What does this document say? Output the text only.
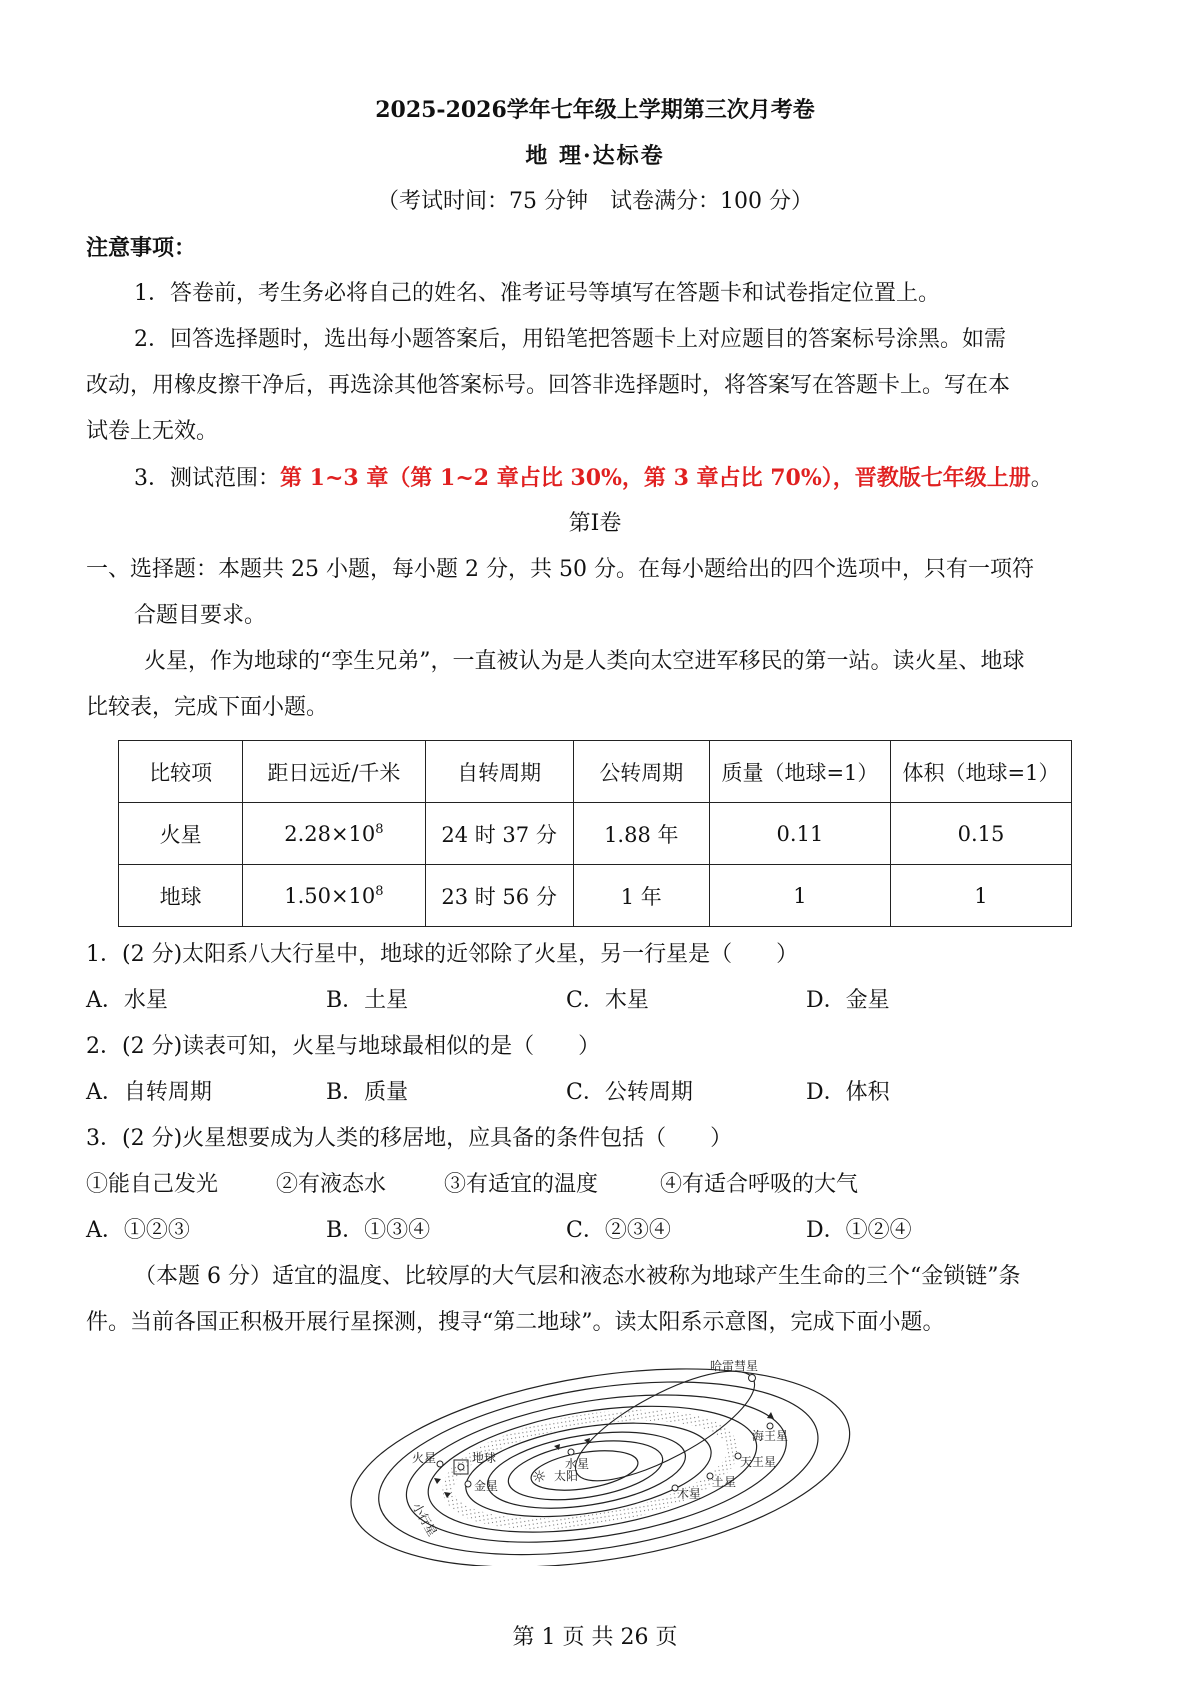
2025-2026学年七年级上学期第三次月考卷
地 理·达标卷
（考试时间：75 分钟　试卷满分：100 分）
注意事项：
1．答卷前，考生务必将自己的姓名、准考证号等填写在答题卡和试卷指定位置上。
2．回答选择题时，选出每小题答案后，用铅笔把答题卡上对应题目的答案标号涂黑。如需
改动，用橡皮擦干净后，再选涂其他答案标号。回答非选择题时，将答案写在答题卡上。写在本
试卷上无效。
3．测试范围：第 1~3 章（第 1~2 章占比 30%，第 3 章占比 70%），晋教版七年级上册。
第Ⅰ卷
一、选择题：本题共 25 小题，每小题 2 分，共 50 分。在每小题给出的四个选项中，只有一项符
合题目要求。
火星，作为地球的“孪生兄弟”，一直被认为是人类向太空进军移民的第一站。读火星、地球
比较表，完成下面小题。
比较项	距日远近/千米	自转周期	公转周期	质量（地球=1）	体积（地球=1）
火星	$2.28\times 10^8$	24 时 37 分	1.88 年	0.11	0.15
地球	$1.50\times 10^8$	23 时 56 分	1 年	1	1
1．(2 分)太阳系八大行星中，地球的近邻除了火星，另一行星是（　　）
A．水星	B．土星	C．木星	D．金星
2．(2 分)读表可知，火星与地球最相似的是（　　）
A．自转周期	B．质量	C．公转周期	D．体积
3．(2 分)火星想要成为人类的移居地，应具备的条件包括（　　）
①能自己发光	②有液态水	③有适宜的温度	④有适合呼吸的大气
A．①②③	B．①③④	C．②③④	D．①②④
（本题 6 分）适宜的温度、比较厚的大气层和液态水被称为地球产生生命的三个“金锁链”条
件。当前各国正积极开展行星探测，搜寻“第二地球”。读太阳系示意图，完成下面小题。
哈雷彗星
海王星
天王星
土星
木星
火星	地球
金星
水星
☼ 太阳
小行星
第 1 页 共 26 页
